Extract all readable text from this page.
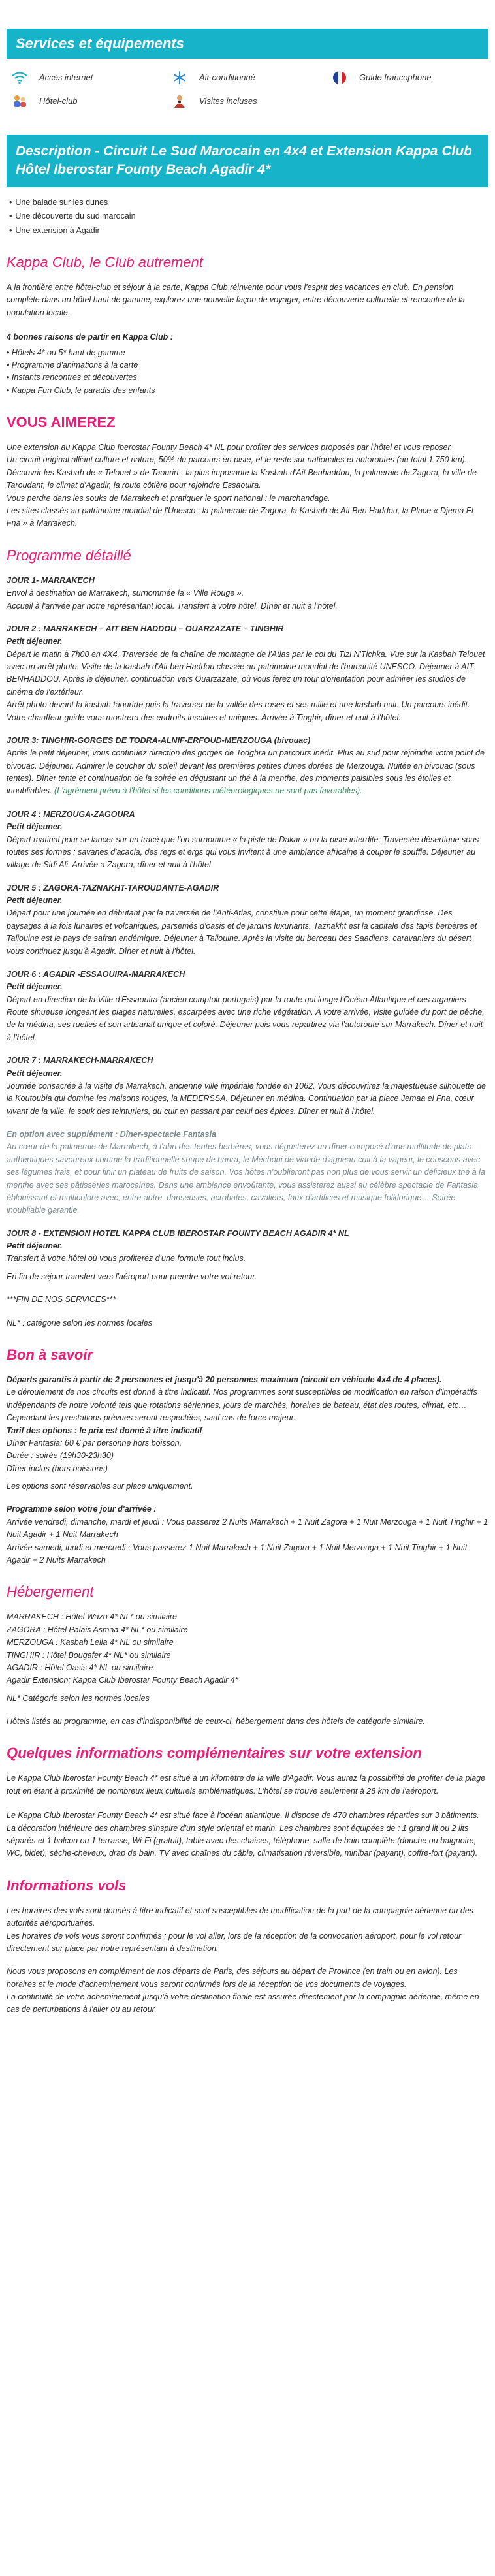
Services et équipements
Accès internet	Air conditionné	Guide francophone
Hôtel-club	Visites incluses
Description - Circuit Le Sud Marocain en 4x4 et Extension Kappa Club Hôtel Iberostar Founty Beach Agadir 4*
• Une balade sur les dunes
• Une découverte du sud marocain
• Une extension à Agadir
Kappa Club, le Club autrement

A la frontière entre hôtel-club et séjour à la carte, Kappa Club réinvente pour vous l'esprit des vacances en club. En pension complète dans un hôtel haut de gamme, explorez une nouvelle façon de voyager, entre découverte culturelle et rencontre de la population locale.

4 bonnes raisons de partir en Kappa Club :

• Hôtels 4* ou 5* haut de gamme
• Programme d'animations à la carte
• Instants rencontres et découvertes
• Kappa Fun Club, le paradis des enfants
VOUS AIMEREZ
Une extension au Kappa Club Iberostar Founty Beach 4* NL pour profiter des services proposés par l'hôtel et vous reposer.
Un circuit original alliant culture et nature; 50% du parcours en piste, et le reste sur nationales et autoroutes (au total 1 750 km).
Découvrir les Kasbah de « Telouet » de Taourirt , la plus imposante la Kasbah d'Ait Benhaddou, la palmeraie de Zagora, la ville de Taroudant, le climat d'Agadir, la route côtière pour rejoindre Essaouira.
Vous perdre dans les souks de Marrakech et pratiquer le sport national : le marchandage.
Les sites classés au patrimoine mondial de l'Unesco : la palmeraie de Zagora, la Kasbah de Ait Ben Haddou, la Place « Djema El Fna » à Marrakech.
Programme détaillé
JOUR 1- MARRAKECH
Envol à destination de Marrakech, surnommée la « Ville Rouge ».
Accueil à l'arrivée par notre représentant local. Transfert à votre hôtel. Dîner et nuit à l'hôtel.
JOUR 2 : MARRAKECH – AIT BEN HADDOU – OUARZAZATE – TINGHIR
Petit déjeuner.
Départ le matin à 7h00 en 4X4. Traversée de la chaîne de montagne de l'Atlas par le col du Tizi N'Tichka. Vue sur la Kasbah Telouet avec un arrêt photo. Visite de la kasbah d'Ait ben Haddou classée au patrimoine mondial de l'humanité UNESCO. Déjeuner à AIT BENHADDOU. Après le déjeuner, continuation vers Ouarzazate, où vous ferez un tour d'orientation pour admirer les studios de cinéma de l'extérieur.
Arrêt photo devant la kasbah taourirte puis la traverser de la vallée des roses et ses mille et une kasbah nuit. Un parcours inédit. Votre chauffeur guide vous montrera des endroits insolites et uniques. Arrivée à Tinghir, dîner et nuit à l'hôtel.
JOUR 3: TINGHIR-GORGES DE TODRA-ALNIF-ERFOUD-MERZOUGA (bivouac)
Après le petit déjeuner, vous continuez direction des gorges de Todghra un parcours inédit. Plus au sud pour rejoindre votre point de bivouac. Déjeuner. Admirer le coucher du soleil devant les premières petites dunes dorées de Merzouga. Nuitée en bivouac (sous tentes). Dîner tente et continuation de la soirée en dégustant un thé à la menthe, des moments paisibles sous les étoiles et inoubliables. (L'agrément prévu à l'hôtel si les conditions météorologiques ne sont pas favorables).
JOUR 4 : MERZOUGA-ZAGOURA
Petit déjeuner.
Départ matinal pour se lancer sur un tracé que l'on surnomme « la piste de Dakar » ou la piste interdite. Traversée désertique sous toutes ses formes : savanes d'acacia, des regs et ergs qui vous invitent à une ambiance africaine à couper le souffle. Déjeuner au village de Sidi Ali. Arrivée a Zagora, dîner et nuit à l'hôtel
JOUR 5 : ZAGORA-TAZNAKHT-TAROUDANTE-AGADIR
Petit déjeuner.
Départ pour une journée en débutant par la traversée de l'Anti-Atlas, constitue pour cette étape, un moment grandiose. Des paysages à la fois lunaires et volcaniques, parsemés d'oasis et de jardins luxuriants. Taznakht est la capitale des tapis berbères et Taliouine est le pays de safran endémique. Déjeuner à Taliouine. Après la visite du berceau des Saadiens, caravaniers du désert vous continuez jusqu'à Agadir. Dîner et nuit à l'hôtel.
JOUR 6 : AGADIR -ESSAOUIRA-MARRAKECH
Petit déjeuner.
Départ en direction de la Ville d'Essaouira (ancien comptoir portugais) par la route qui longe l'Océan Atlantique et ces arganiers Route sinueuse longeant les plages naturelles, escarpées avec une riche végétation. À votre arrivée, visite guidée du port de pêche, de la médina, ses ruelles et son artisanat unique et coloré. Déjeuner puis vous repartirez via l'autoroute sur Marrakech. Dîner et nuit à l'hôtel.
JOUR 7 : MARRAKECH-MARRAKECH
Petit déjeuner.
Journée consacrée à la visite de Marrakech, ancienne ville impériale fondée en 1062. Vous découvrirez la majestueuse silhouette de la Koutoubia qui domine les maisons rouges, la MEDERSSA. Déjeuner en médina. Continuation par la place Jemaa el Fna, cœur vivant de la ville, le souk des teinturiers, du cuir en passant par celui des épices. Dîner et nuit à l'hôtel.
En option avec supplément : Dîner-spectacle Fantasia
Au cœur de la palmeraie de Marrakech, à l'abri des tentes berbères, vous dégusterez un dîner composé d'une multitude de plats authentiques savoureux comme la traditionnelle soupe de harira, le Méchoui de viande d'agneau cuit à la vapeur, le couscous avec ses légumes frais, et pour finir un plateau de fruits de saison. Vos hôtes n'oublieront pas non plus de vous servir un délicieux thé à la menthe avec ses pâtisseries marocaines. Dans une ambiance envoûtante, vous assisterez aussi au célèbre spectacle de Fantasia éblouissant et multicolore avec, entre autre, danseuses, acrobates, cavaliers, faux d'artifices et musique folklorique… Soirée inoubliable garantie.
JOUR 8 - EXTENSION HOTEL KAPPA CLUB IBEROSTAR FOUNTY BEACH AGADIR 4* NL
Petit déjeuner.
Transfert à votre hôtel où vous profiterez d'une formule tout inclus.
En fin de séjour transfert vers l'aéroport pour prendre votre vol retour.
***FIN DE NOS SERVICES***
NL* : catégorie selon les normes locales
Bon à savoir
Départs garantis à partir de 2 personnes et jusqu'à 20 personnes maximum (circuit en véhicule 4x4 de 4 places).
Le déroulement de nos circuits est donné à titre indicatif. Nos programmes sont susceptibles de modification en raison d'impératifs indépendants de notre volonté tels que rotations aériennes, jours de marchés, horaires de bateau, état des routes, climat, etc… Cependant les prestations prévues seront respectées, sauf cas de force majeur.
Tarif des options : le prix est donné à titre indicatif
Dîner Fantasia: 60 € par personne hors boisson.
Durée : soirée (19h30-23h30)
Dîner inclus (hors boissons)
Les options sont réservables sur place uniquement.
Programme selon votre jour d'arrivée :
Arrivée vendredi, dimanche, mardi et jeudi : Vous passerez 2 Nuits Marrakech + 1 Nuit Zagora + 1 Nuit Merzouga + 1 Nuit Tinghir + 1 Nuit Agadir + 1 Nuit Marrakech
Arrivée samedi, lundi et mercredi : Vous passerez 1 Nuit Marrakech + 1 Nuit Zagora + 1 Nuit Merzouga + 1 Nuit Tinghir + 1 Nuit Agadir + 2 Nuits Marrakech
Hébergement
MARRAKECH : Hôtel Wazo 4* NL* ou similaire
ZAGORA : Hôtel Palais Asmaa 4* NL* ou similaire
MERZOUGA : Kasbah Leila 4* NL ou similaire
TINGHIR : Hôtel Bougafer 4* NL* ou similaire
AGADIR : Hôtel Oasis 4* NL ou similaire
Agadir Extension: Kappa Club Iberostar Founty Beach Agadir 4*
NL* Catégorie selon les normes locales
Hôtels listés au programme, en cas d'indisponibilité de ceux-ci, hébergement dans des hôtels de catégorie similaire.
Quelques informations complémentaires sur votre extension

Le Kappa Club Iberostar Founty Beach 4* est situé à un kilomètre de la ville d'Agadir. Vous aurez la possibilité de profiter de la plage tout en étant à proximité de nombreux lieux culturels emblématiques. L'hôtel se trouve seulement à 28 km de l'aéroport.

Le Kappa Club Iberostar Founty Beach 4* est situé face à l'océan atlantique. Il dispose de 470 chambres réparties sur 3 bâtiments. La décoration intérieure des chambres s'inspire d'un style oriental et marin. Les chambres sont équipées de : 1 grand lit ou 2 lits séparés et 1 balcon ou 1 terrasse, Wi-Fi (gratuit), table avec des chaises, téléphone, salle de bain complète (douche ou baignoire, WC, bidet), sèche-cheveux, drap de bain, TV avec chaînes du câble, climatisation réversible, minibar (payant), coffre-fort (payant).

Informations vols
Les horaires des vols sont donnés à titre indicatif et sont susceptibles de modification de la part de la compagnie aérienne ou des autorités aéroportuaires.
Les horaires de vols vous seront confirmés : pour le vol aller, lors de la réception de la convocation aéroport, pour le vol retour directement sur place par notre représentant à destination.
Nous vous proposons en complément de nos départs de Paris, des séjours au départ de Province (en train ou en avion). Les horaires et le mode d'acheminement vous seront confirmés lors de la réception de vos documents de voyages.
La continuité de votre acheminement jusqu'à votre destination finale est assurée directement par la compagnie aérienne, même en cas de perturbations à l'aller ou au retour.
